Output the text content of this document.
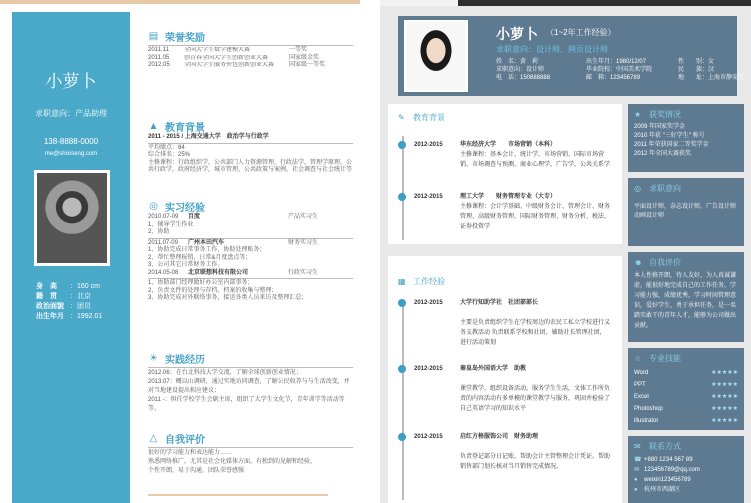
小萝卜
求职意向：产品助理
138-8888-0000
me@shixiseng.com
身　高 ：160 cm
籍　贯 ：北京
政治面貌 ：团员
出生年月 ：1992.01
▤ 荣誉奖励
2011.11	全国大学生数学建模大赛	一等奖
2011.05	创青春全国大学生创新创业大赛	国家级金奖
2012.05	全国大学生服务外包创新创业大赛	国家级一等奖
▲ 教育背景
2011 - 2015 / 上海交通大学　政治学与行政学
平均绩点：84
综合排名：25%
主修课程：行政组织学，公共部门人力资源管理，行政法学，管理学原理，公共行政学，政府经济学，城市管理，公共政策与案例，社会调查与社会统计等
◎ 实习经验
2010.07-09	百度	产品实习生
1、辅导学生作业
2、协助
2011.07-09	广州本田汽车	财务实习生
1、协助完成日常事务工作，协助处理账务；
2、帮忙整理报销、日常&月度盘点等；
3、公司其它日常财务工作。
2014.05-08	北京联想科技有限公司	行政实习生
1、协助部门经理做好办公室内部事务；
2、负责文件的处理与存档、档案的收集与整理；
3、协助完成对外联络事务，接送各类人员来访及整理汇总；
☀ 实践经历
2012.06：在台北科技大学交流，了解全球创新创业情况；
2013.07：概以山调研，通过实地访问调查，了解公民收养与与生活改变，并对当地建设提出相应建议；
2011 -：担任学校学生会副主席，组织了大学生文化节，青年训学等活动等等。
△ 自我评价
很好的学习能力和表达能力……
熟悉网络推广，尤其是社会化媒体方面，有独到的见解和经验，
个性开朗，易于沟通，团队荣誉感强
小萝卜 （1~2年工作经验）
求职意向：设计师、网页设计师
姓　名：黄　莉	出生年月：1980/12/07	性　　别：女
求职意向：设计师	毕业院校：中国美术学院	民　　族：汉
电　话：150888888	邮　箱：123456789	地　　址：上海市静安区
✎	教育背景
2012-2015	华东经济大学　　市场营销（本科）
主修课程：基本会计、统计学、市场营销、国际市场营销、市场调查与预测、商业心理学、广告学、公共关系学
2012-2015	理工大学　　财务管理专业（大专）
主修课程：会计学基础、中级财务会计、管理会计、财务管理、高级财务管理、国际财务管理、财务分析、税法、证券投资学
▦ 工作经验
2012-2015	大学行知助学社　社团部部长
主要是负责组织学生在学校周边的农民工私立学校进行义务支教活动 负责联系学校和社团，辅助社长管理社团，进行活动策划
2012-2015	秦皇岛外国语大学　助教
课堂教学，组织设备活动，服务学生生活，文体工作所负责的内容活动有多单模的课堂教学与服务，巩固并检验了自己英语学习的知识水平
2012-2015	启红方格服饰公司　财务助理
负责登记部分日记账，帮助会计主管整理会计凭证。帮助销售部门划长核对当月销售完成情况。
★ 获奖情况
2009 年国家奖学金
2010 年获 "三好学生" 称号
2011 年荣获国家二等奖学金
2012 年全国大赛获奖
◎	求职意向
平面设计师，杂志设计师，广告设计师 动画设计师
☻ 自我评价
本人性格开朗，待人友好，为人真诚谦虚，能很好地完成自己的工作任务，学习能力强，成绩优秀，学习时间管理意识，爱好学生，勇于承担任务，是一名踏实敢干的青年人才，能够为公司做出贡献。
☆ 专业技能
Word	★★★★★
PPT	★★★★★
Excel	★★★★★
Photoshop	★★★★★
illustrator	★★★★★
✉	联系方式
☎ +880 1234 567 89
✉ 123456789@qq.com
●	weixin123456789
●	杭州市西湖区
